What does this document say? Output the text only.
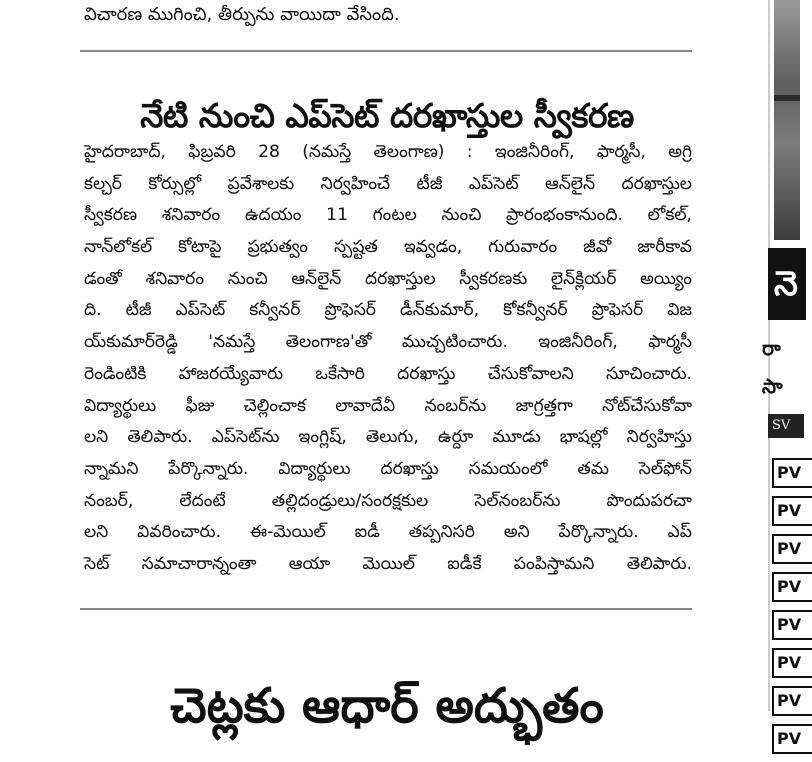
విచారణ ముగించి, తీర్పును వాయిదా వేసింది.
నేటి నుంచి ఎప్‌సెట్ దరఖాస్తుల స్వీకరణ
హైదరాబాద్, ఫిబ్రవరి 28 (నమస్తే తెలంగాణ) : ఇంజినీరింగ్, ఫార్మసీ, అగ్రి
కల్చర్ కోర్సుల్లో ప్రవేశాలకు నిర్వహించే టీజీ ఎప్‌సెట్ ఆన్‌లైన్ దరఖాస్తుల
స్వీకరణ శనివారం ఉదయం 11 గంటల నుంచి ప్రారంభంకానుంది. లోకల్,
నాన్‌లోకల్ కోటాపై ప్రభుత్వం స్పష్టత ఇవ్వడం, గురువారం జీవో జారీకావ
డంతో శనివారం నుంచి ఆన్‌లైన్ దరఖాస్తుల స్వీకరణకు లైన్‌క్లియర్ అయ్యిం
ది. టీజీ ఎప్‌సెట్ కన్వీనర్ ప్రొఫెసర్ డీన్‌కుమార్, కోకన్వీనర్ ప్రొఫెసర్ విజ
య్‌కుమార్‌రెడ్డి 'నమస్తే తెలంగాణ'తో ముచ్చటించారు. ఇంజినీరింగ్, ఫార్మసీ
రెండింటికి హాజరయ్యేవారు ఒకేసారి దరఖాస్తు చేసుకోవాలని సూచించారు.
విద్యార్థులు ఫీజు చెల్లించాక లావాదేవీ నంబర్‌ను జాగ్రత్తగా నోట్‌చేసుకోవా
లని తెలిపారు. ఎప్‌సెట్‌ను ఇంగ్లిష్, తెలుగు, ఉర్దూ మూడు భాషల్లో నిర్వహిస్తు
న్నామని పేర్కొన్నారు. విద్యార్థులు దరఖాస్తు సమయంలో తమ సెల్‌ఫోన్
నంబర్, లేదంటే తల్లిదండ్రులు/సంరక్షకుల సెల్‌నంబర్‌ను పొందుపరచా
లని వివరించారు. ఈ-మెయిల్ ఐడీ తప్పనిసరి అని పేర్కొన్నారు. ఎప్
సెట్ సమాచారాన్నంతా ఆయా మెయిల్ ఐడీకే పంపిస్తామని తెలిపారు.
చెట్లకు ఆధార్ అద్భుతం
నె
రా
సా
SV
PV
PV
PV
PV
PV
PV
PV
PV
